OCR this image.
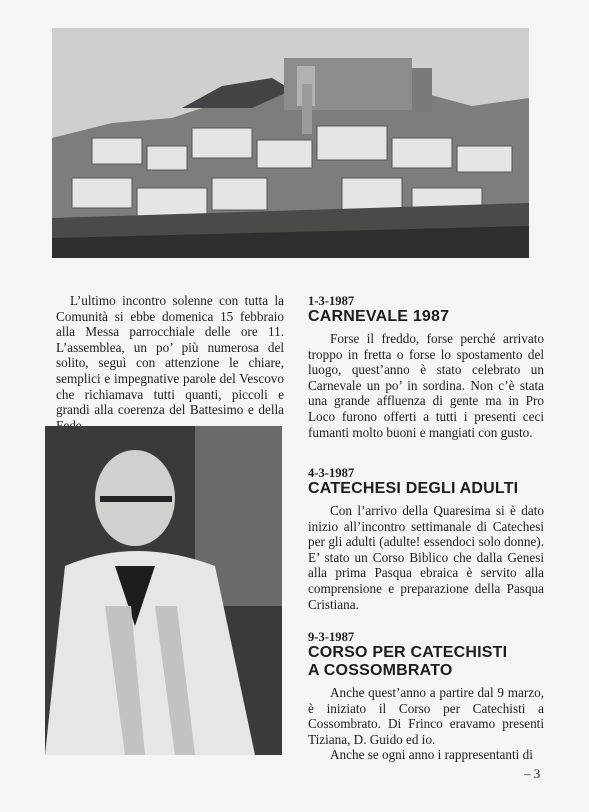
L’ultimo incontro solenne con tutta la Comunità si ebbe domenica 15 febbraio alla Messa parrocchiale delle ore 11. L’assemblea, un po’ più numerosa del solito, seguì con attenzione le chiare, semplici e impegnative parole del Vescovo che richiamava tutti quanti, piccoli e grandi alla coerenza del Battesimo e della

1-3-1987

CARNEVALE 1987

Forse il freddo, forse perché arrivato troppo in fretta o forse lo spostamento del luogo, quest’anno è stato celebrato un Carnevale un po’ in sordina. Non c’è stata una grande affluenza di gente ma in Pro Loco furono offerti a tutti i presenti ceci fumanti molto buoni e mangiati con gusto.

4-3-1987

CATECHESI DEGLI ADULTI

Con l’arrivo della Quaresima si è dato inizio all’incontro settimanale di Catechesi per gli adulti (adulte! essendoci solo donne). E’ stato un Corso Biblico che dalla Genesi alla prima Pasqua ebraica è servito alla comprensione e preparazione della Pasqua Cristiana.

9-3-1987

CORSO PER CATECHISTI

A COSSOMBRATO

Anche quest’anno a partire dal 9 marzo, è iniziato il Corso per Catechisti a Cossombrato. Di Frinco eravamo presenti Tiziana, D. Guido ed io.

Anche se ogni anno i rappresentanti di

– 3
